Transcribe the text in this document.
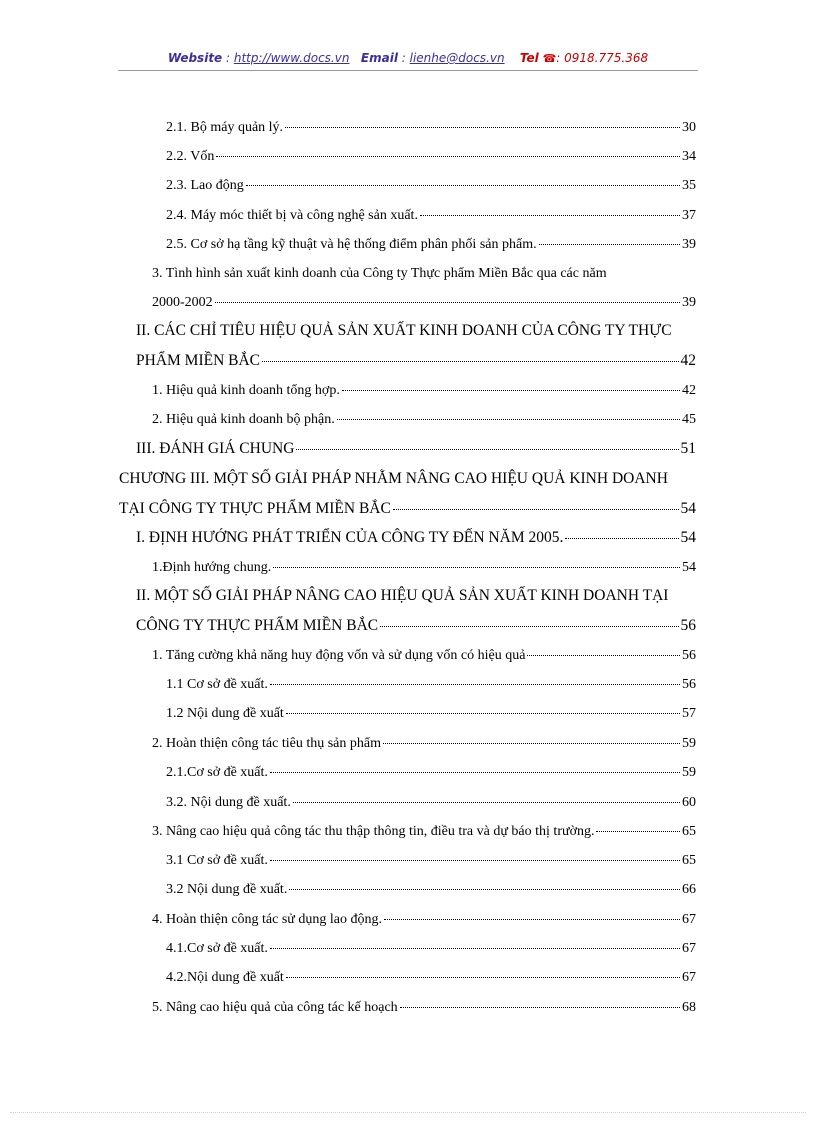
Website : http://www.docs.vn Email : lienhe@docs.vn Tel ☎: 0918.775.368
2.1. Bộ máy quản lý.	30
2.2. Vốn	34
2.3. Lao động	35
2.4. Máy móc thiết bị và công nghệ sản xuất.	37
2.5. Cơ sở hạ tầng kỹ thuật và hệ thống điểm phân phối sản phẩm.	39
3. Tình hình sản xuất kinh doanh của Công ty Thực phẩm Miền Bắc qua các năm
2000-2002	39
II. CÁC CHỈ TIÊU HIỆU QUẢ SẢN XUẤT KINH DOANH CỦA CÔNG TY THỰC
PHẨM MIỀN BẮC	42
1. Hiệu quả kinh doanh tổng hợp.	42
2. Hiệu quả kinh doanh bộ phận.	45
III. ĐÁNH GIÁ CHUNG	51
CHƯƠNG III. MỘT SỐ GIẢI PHÁP NHẰM NÂNG CAO HIỆU QUẢ KINH DOANH
TẠI CÔNG TY THỰC PHẨM MIỀN BẮC	54
I. ĐỊNH HƯỚNG PHÁT TRIỂN CỦA CÔNG TY ĐẾN NĂM 2005.	54
1.Định hướng chung.	54
II. MỘT SỐ GIẢI PHÁP NÂNG CAO HIỆU QUẢ SẢN XUẤT KINH DOANH TẠI
CÔNG TY THỰC PHẨM MIỀN BẮC	56
1. Tăng cường khả năng huy động vốn và sử dụng vốn có hiệu quả	56
1.1 Cơ sở đề xuất.	56
1.2 Nội dung đề xuất	57
2. Hoàn thiện công tác tiêu thụ sản phẩm	59
2.1.Cơ sở đề xuất.	59
3.2. Nội dung đề xuất.	60
3. Nâng cao hiệu quả công tác thu thập thông tin, điều tra và dự báo thị trường.	65
3.1 Cơ sở đề xuất.	65
3.2 Nội dung đề xuất.	66
4. Hoàn thiện công tác sử dụng lao động.	67
4.1.Cơ sở đề xuất.	67
4.2.Nội dung đề xuất	67
5. Nâng cao hiệu quả của công tác kế hoạch	68
